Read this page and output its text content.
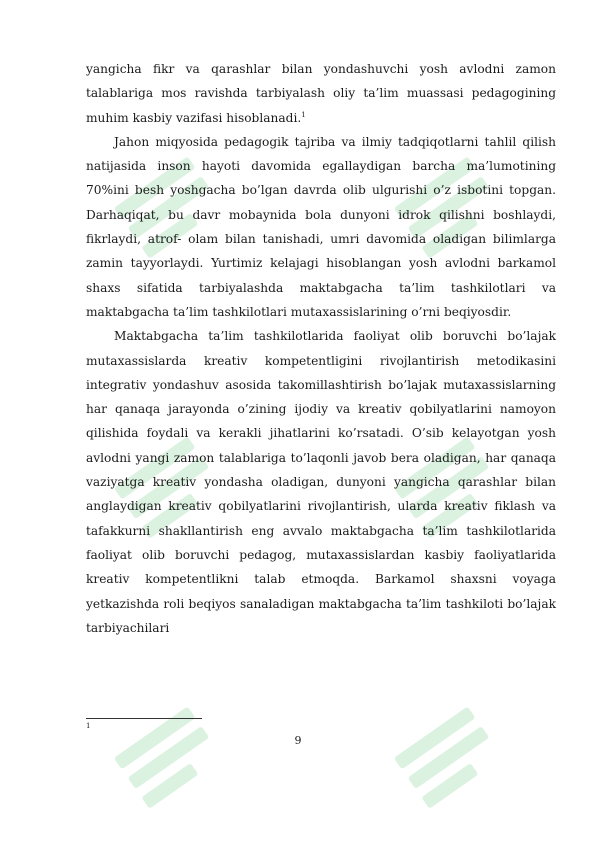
yangicha fikr va qarashlar bilan yondashuvchi yosh avlodni zamon talablariga mos ravishda tarbiyalash oliy ta’lim muassasi pedagogining muhim kasbiy vazifasi hisoblanadi.$^1$

Jahon miqyosida pedagogik tajriba va ilmiy tadqiqotlarni tahlil qilish natijasida inson hayoti davomida egallaydigan barcha ma’lumotining 70%ini besh yoshgacha bo’lgan davrda olib ulgurishi o’z isbotini topgan. Darhaqiqat, bu davr mobaynida bola dunyoni idrok qilishni boshlaydi, fikrlaydi, atrof- olam bilan tanishadi, umri davomida oladigan bilimlarga zamin tayyorlaydi. Yurtimiz kelajagi hisoblangan yosh avlodni barkamol shaxs sifatida tarbiyalashda maktabgacha ta’lim tashkilotlari va maktabgacha ta’lim tashkilotlari mutaxassislarining o’rni beqiyosdir.

Maktabgacha ta’lim tashkilotlarida faoliyat olib boruvchi bo’lajak mutaxassislarda kreativ kompetentligini rivojlantirish metodikasini integrativ yondashuv asosida takomillashtirish bo’lajak mutaxassislarning har qanaqa jarayonda o’zining ijodiy va kreativ qobilyatlarini namoyon qilishida foydali va kerakli jihatlarini ko’rsatadi. O’sib kelayotgan yosh avlodni yangi zamon talablariga to’laqonli javob bera oladigan, har qanaqa vaziyatga kreativ yondasha oladigan, dunyoni yangicha qarashlar bilan anglaydigan kreativ qobilyatlarini rivojlantirish, ularda kreativ fiklash va tafakkurni shakllantirish eng avvalo maktabgacha ta’lim tashkilotlarida faoliyat olib boruvchi pedagog, mutaxassislardan kasbiy faoliyatlarida kreativ kompetentlikni talab etmoqda. Barkamol shaxsni voyaga yetkazishda roli beqiyos sanaladigan maktabgacha ta’lim tashkiloti bo’lajak tarbiyachilari

1
9
